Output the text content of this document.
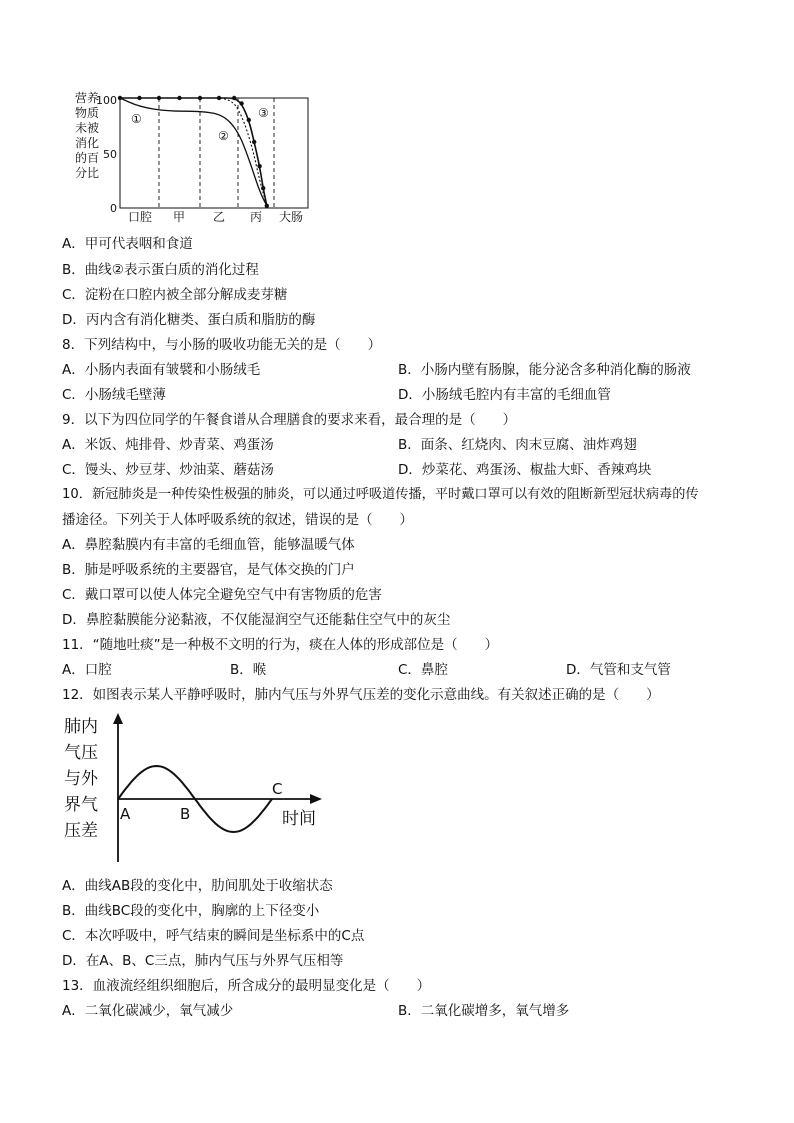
营养
物质
未被
消化
的百
分比
100
50
0
口腔 甲 乙 丙 大肠
①
②
③
A．甲可代表咽和食道
B．曲线②表示蛋白质的消化过程
C．淀粉在口腔内被全部分解成麦芽糖
D．丙内含有消化糖类、蛋白质和脂肪的酶
8．下列结构中，与小肠的吸收功能无关的是（　　）
A．小肠内表面有皱襞和小肠绒毛	B．小肠内壁有肠腺，能分泌含多种消化酶的肠液
C．小肠绒毛壁薄	D．小肠绒毛腔内有丰富的毛细血管
9．以下为四位同学的午餐食谱从合理膳食的要求来看，最合理的是（　　）
A．米饭、炖排骨、炒青菜、鸡蛋汤	B．面条、红烧肉、肉末豆腐、油炸鸡翅
C．馒头、炒豆芽、炒油菜、蘑菇汤	D．炒菜花、鸡蛋汤、椒盐大虾、香辣鸡块
10．新冠肺炎是一种传染性极强的肺炎，可以通过呼吸道传播，平时戴口罩可以有效的阻断新型冠状病毒的传
播途径。下列关于人体呼吸系统的叙述，错误的是（　　）
A．鼻腔黏膜内有丰富的毛细血管，能够温暖气体
B．肺是呼吸系统的主要器官，是气体交换的门户
C．戴口罩可以使人体完全避免空气中有害物质的危害
D．鼻腔黏膜能分泌黏液，不仅能湿润空气还能黏住空气中的灰尘
11．“随地吐痰”是一种极不文明的行为，痰在人体的形成部位是（　　）
A．口腔	B．喉	C．鼻腔	D．气管和支气管
12．如图表示某人平静呼吸时，肺内气压与外界气压差的变化示意曲线。有关叙述正确的是（　　）
肺内
气压
与外
界气
压差
A	B
C
时间
A．曲线AB段的变化中，肋间肌处于收缩状态
B．曲线BC段的变化中，胸廓的上下径变小
C．本次呼吸中，呼气结束的瞬间是坐标系中的C点
D．在A、B、C三点，肺内气压与外界气压相等
13．血液流经组织细胞后，所含成分的最明显变化是（　　）
A．二氧化碳减少，氧气减少	B．二氧化碳增多，氧气增多
